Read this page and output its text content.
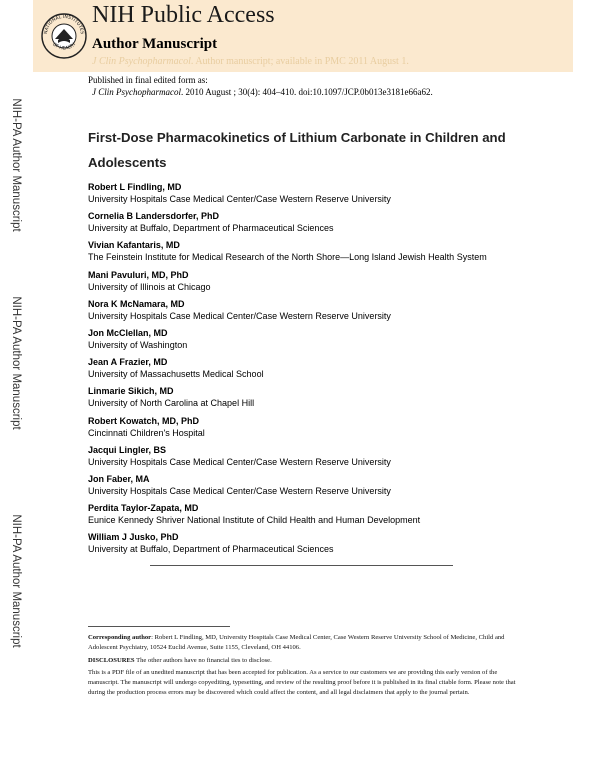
NATIONAL INSTITUTES
OF HEALTH
NIH Public Access
Author Manuscript
J Clin Psychopharmacol. Author manuscript; available in PMC 2011 August 1.
Published in final edited form as:
J Clin Psychopharmacol. 2010 August ; 30(4): 404–410. doi:10.1097/JCP.0b013e3181e66a62.
NIH-PA Author Manuscript
NIH-PA Author Manuscript
NIH-PA Author Manuscript
First-Dose Pharmacokinetics of Lithium Carbonate in Children and Adolescents
Robert L Findling, MD
University Hospitals Case Medical Center/Case Western Reserve University
Cornelia B Landersdorfer, PhD
University at Buffalo, Department of Pharmaceutical Sciences
Vivian Kafantaris, MD
The Feinstein Institute for Medical Research of the North Shore—Long Island Jewish Health System
Mani Pavuluri, MD, PhD
University of Illinois at Chicago
Nora K McNamara, MD
University Hospitals Case Medical Center/Case Western Reserve University
Jon McClellan, MD
University of Washington
Jean A Frazier, MD
University of Massachusetts Medical School
Linmarie Sikich, MD
University of North Carolina at Chapel Hill
Robert Kowatch, MD, PhD
Cincinnati Children's Hospital
Jacqui Lingler, BS
University Hospitals Case Medical Center/Case Western Reserve University
Jon Faber, MA
University Hospitals Case Medical Center/Case Western Reserve University
Perdita Taylor-Zapata, MD
Eunice Kennedy Shriver National Institute of Child Health and Human Development
William J Jusko, PhD
University at Buffalo, Department of Pharmaceutical Sciences
Corresponding author: Robert L Findling, MD, University Hospitals Case Medical Center, Case Western Reserve University School of Medicine, Child and Adolescent Psychiatry, 10524 Euclid Avenue, Suite 1155, Cleveland, OH 44106.
DISCLOSURES The other authors have no financial ties to disclose.
This is a PDF file of an unedited manuscript that has been accepted for publication. As a service to our customers we are providing this early version of the manuscript. The manuscript will undergo copyediting, typesetting, and review of the resulting proof before it is published in its final citable form. Please note that during the production process errors may be discovered which could affect the content, and all legal disclaimers that apply to the journal pertain.
